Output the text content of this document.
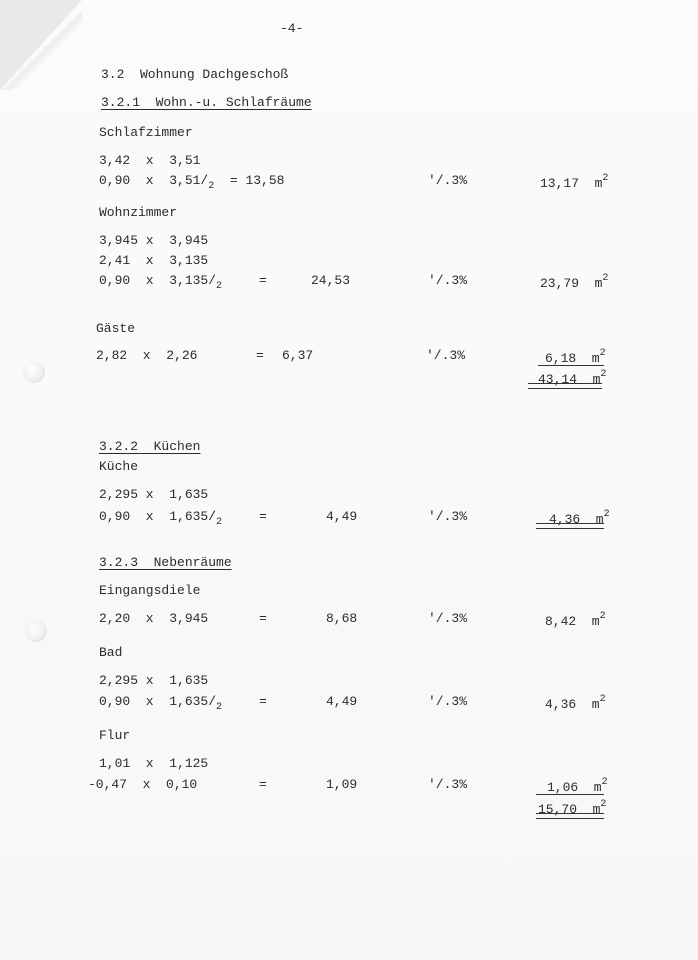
-4-
3.2  Wohnung Dachgeschoß
3.2.1  Wohn.-u. Schlafräume
Schlafzimmer
3,42  x  3,51
0,90  x  $3,51/_2 = 13,58$	'/.3%	13,17  $m^2$
Wohnzimmer
3,945 x  3,945
2,41  x  3,135
0,90  x  $3,135/_2$	=	24,53	'/.3%	23,79  $m^2$
Gäste
2,82  x  2,26	= 6,37	'/.3%	6,18  $m^2$
43,14  $m^2$
3.2.2  Küchen
Küche
2,295 x  1,635
0,90  x  $1,635/_2$	=	4,49	'/.3%	4,36  $m^2$
3.2.3  Nebenräume
Eingangsdiele
2,20  x  3,945	=	8,68	'/.3%	8,42  $m^2$
Bad
2,295 x  1,635
0,90  x  $1,635/_2$	=	4,49	'/.3%	4,36  $m^2$
Flur
1,01  x  1,125
-0,47  x  0,10	=	1,09	'/.3%	1,06  $m^2$
15,70  $m^2$
